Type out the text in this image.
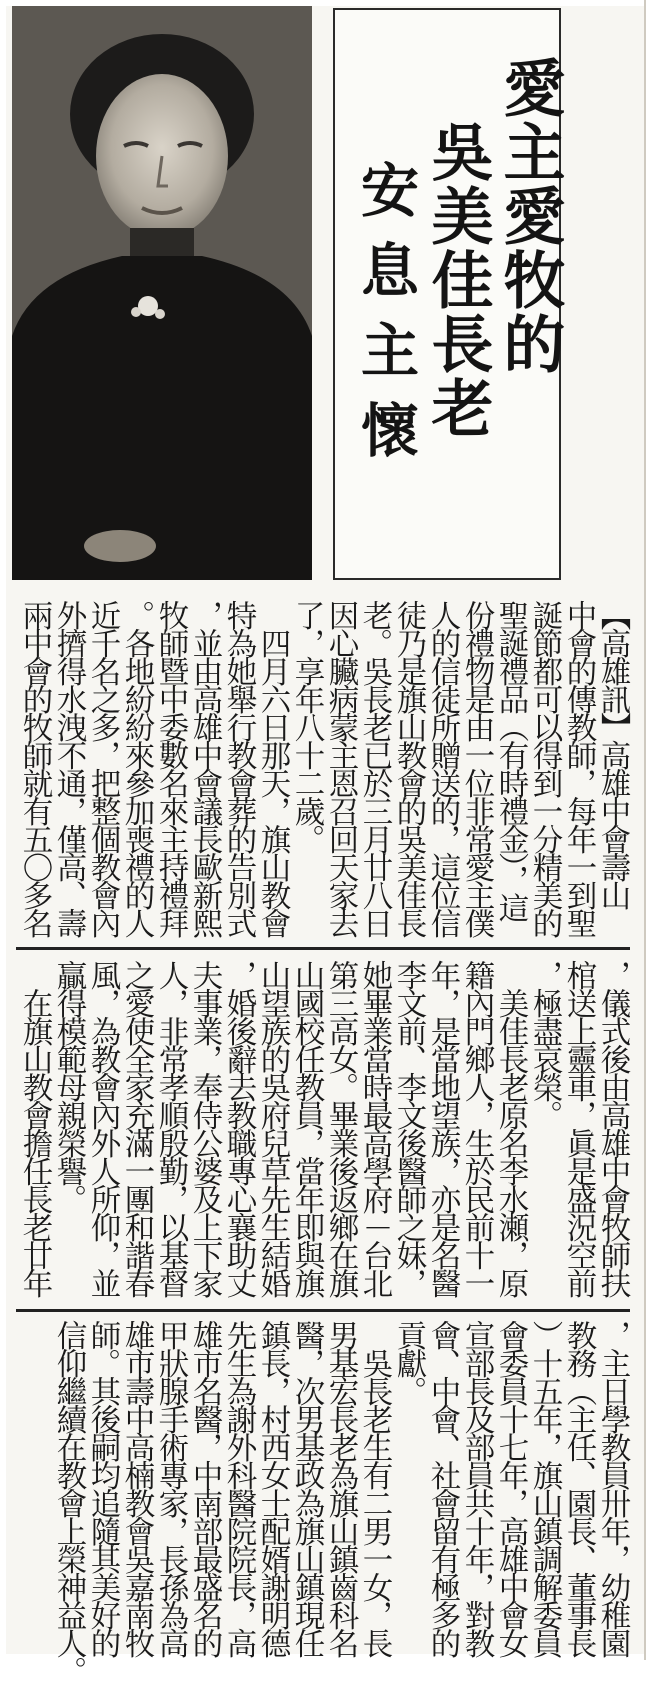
愛主愛牧的
吳美佳長老
安息主懷
【高雄訊】高雄中會壽山
中會的傳教師，每年一到聖
誕節都可以得到一分精美的
聖誕禮品（有時禮金），這
份禮物是由一位非常愛主僕
人的信徒所贈送的，這位信
徒乃是旗山教會的吳美佳長
老。吳長老已於三月廿八日
因心臟病蒙主恩召回天家去
了，享年八十二歲。
　四月六日那天，旗山教會
特為她舉行教會葬的告別式
，並由高雄中會議長歐新熙
牧師暨中委數名來主持禮拜
。各地紛紛來參加喪禮的人
近千名之多，把整個教會內
外擠得水洩不通，僅高、壽
兩中會的牧師就有五〇多名
，儀式後由高雄中會牧師扶
棺送上靈車，眞是盛況空前
，極盡哀榮。
　美佳長老原名李水瀬，原
籍內門鄉人，生於民前十一
年，是當地望族，亦是名醫
李文前、李文後醫師之妹，
她畢業當時最高學府－台北
第三高女。畢業後返鄉在旗
山國校任教員，當年即與旗
山望族的吳府兒草先生結婚
，婚後辭去教職專心襄助丈
夫事業，奉侍公婆及上下家
人，非常孝順殷勤，以基督
之愛使全家充滿一團和諧春
風，為教會內外人所仰，並
贏得模範母親榮譽。
　在旗山教會擔任長老廿年
，主日學教員卅年，幼稚園
教務（主任、園長、董事長
）十五年，旗山鎮調解委員
會委員十七年，高雄中會女
宣部長及部員共十年，對教
會、中會、社會留有極多的
貢獻。
　吳長老生有二男一女，長
男基宏長老為旗山鎮齒科名
醫，次男基政為旗山鎮現任
鎮長，村西女士配婿謝明德
先生為謝外科醫院院長，高
雄市名醫，中南部最盛名的
甲狀腺手術專家，長孫為高
雄市壽中高楠教會吳嘉南牧
師。其後嗣均追隨其美好的
信仰繼續在教會上榮神益人。
